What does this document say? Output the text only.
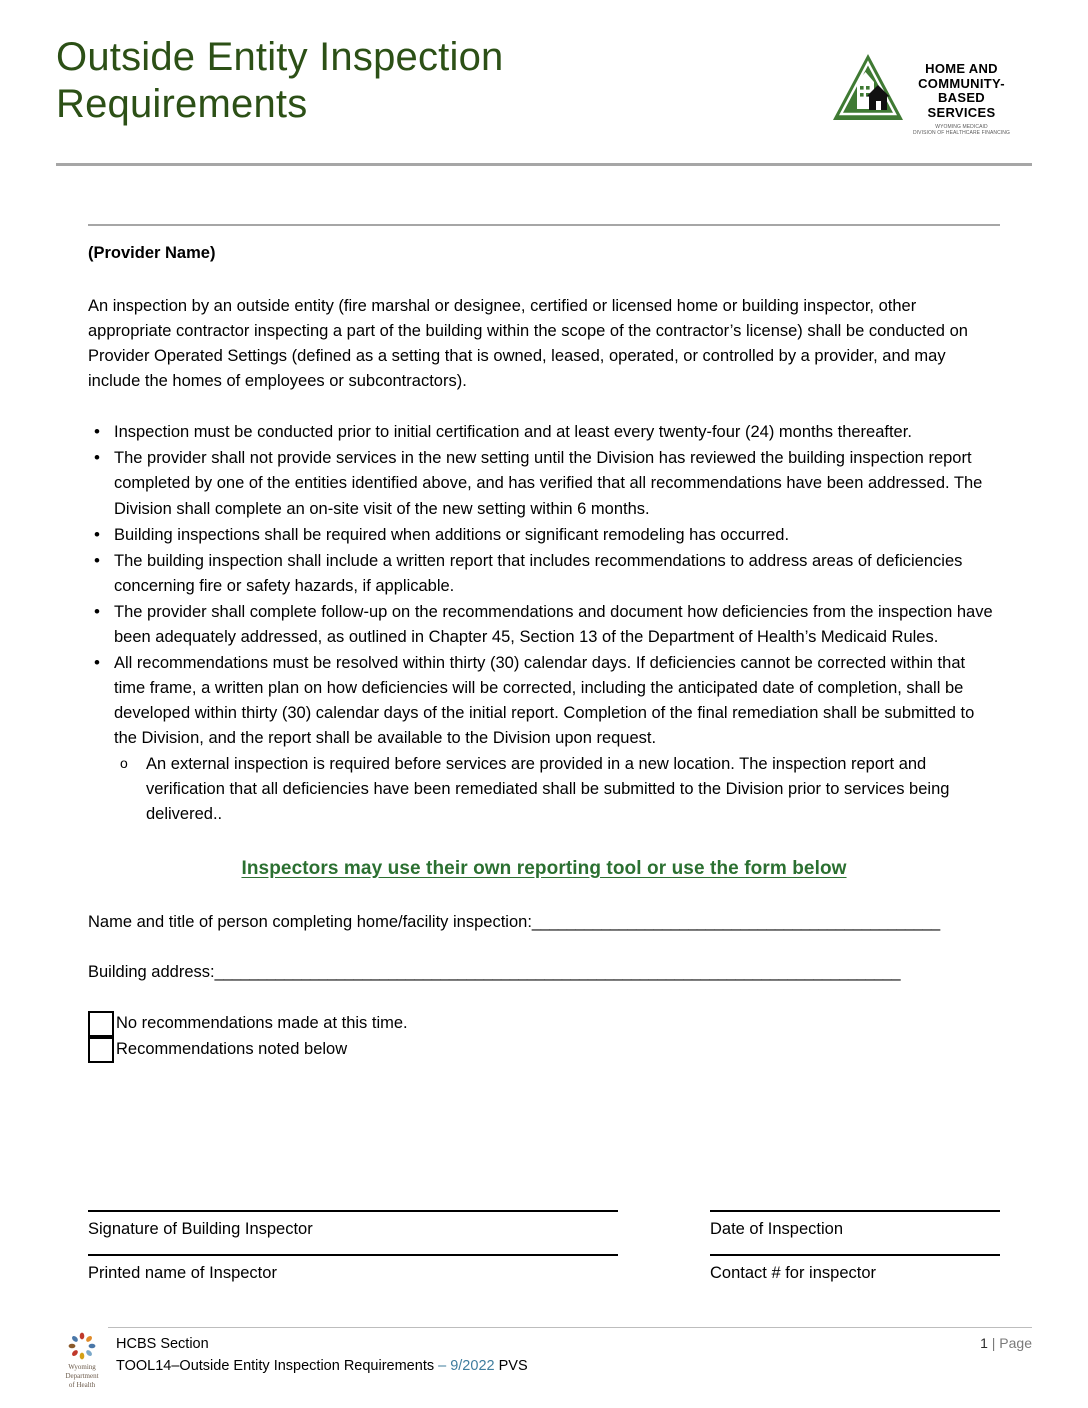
Outside Entity Inspection Requirements
HOME AND
COMMUNITY-
BASED
SERVICES
WYOMING MEDICAID
DIVISION OF HEALTHCARE FINANCING
(Provider Name)

An inspection by an outside entity (fire marshal or designee, certified or licensed home or building inspector, other appropriate contractor inspecting a part of the building within the scope of the contractor’s license) shall be conducted on Provider Operated Settings (defined as a setting that is owned, leased, operated, or controlled by a provider, and may include the homes of employees or subcontractors).

• Inspection must be conducted prior to initial certification and at least every twenty-four (24) months thereafter.
• The provider shall not provide services in the new setting until the Division has reviewed the building inspection report completed by one of the entities identified above, and has verified that all recommendations have been addressed. The Division shall complete an on-site visit of the new setting within 6 months.
• Building inspections shall be required when additions or significant remodeling has occurred.
• The building inspection shall include a written report that includes recommendations to address areas of deficiencies concerning fire or safety hazards, if applicable.
• The provider shall complete follow-up on the recommendations and document how deficiencies from the inspection have been adequately addressed, as outlined in Chapter 45, Section 13 of the Department of Health’s Medicaid Rules.
• All recommendations must be resolved within thirty (30) calendar days. If deficiencies cannot be corrected within that time frame, a written plan on how deficiencies will be corrected, including the anticipated date of completion, shall be developed within thirty (30) calendar days of the initial report. Completion of the final remediation shall be submitted to the Division, and the report shall be available to the Division upon request.
o An external inspection is required before services are provided in a new location. The inspection report and verification that all deficiencies have been remediated shall be submitted to the Division prior to services being delivered..
Inspectors may use their own reporting tool or use the form below
Name and title of person completing home/facility inspection:_______________________________________________
Building address:_______________________________________________________________________________
No recommendations made at this time.
Recommendations noted below
Signature of Building Inspector	Date of Inspection
Printed name of Inspector	Contact # for inspector
Wyoming
Department
of Health
HCBS Section	1 | Page
TOOL14–Outside Entity Inspection Requirements – 9/2022 PVS
